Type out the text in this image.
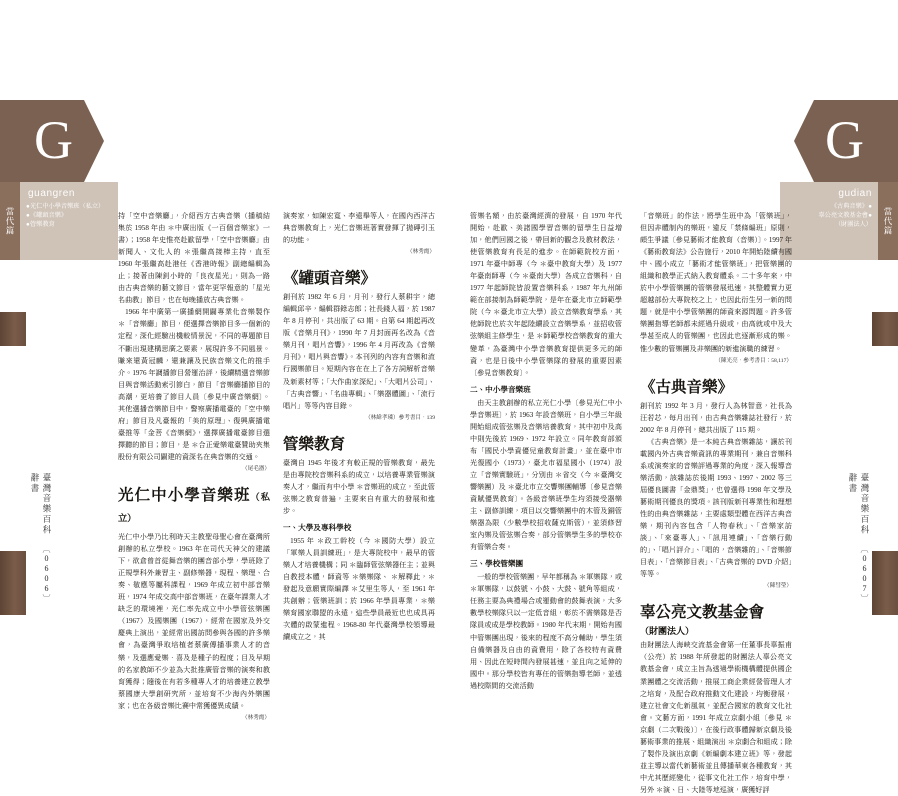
G
當代篇
guangren
●光仁中小學音樂班（私立）
●《罐頭音樂》
●管樂教育
G
當代篇
gudian
《古典音樂》●
辜公亮文教基金會●
（財團法人）

持「空中音樂廳」，介紹西方古典音樂（播稿結集於 1958 年由 ＊中廣出版《一百個音樂家》一書）；1958 年史惟亮赴歐留學，「空中音樂廳」由新聞人、文化人的 ＊張繼高接棒主持，直至 1960 年張繼高赴港任《香港時報》副總編輯為止；接著由陳釗小時的「良夜星光」，則為一路由古典音樂的藝文節目，當年更罕報意的「星光名曲教」節目，也在每晚播放古典音樂。

1966 年中廣第一廣播網開闢專業化音樂製作 ＊「音樂廳」節目，便選擇音樂節目多一個新的定程，深化經驗出機較情景況，不同的專題節目不斷出現建構思廣之要素，展現許多不同風景。賺來還黃冠麟，還兼讓及民族音樂文化的推手介。1976 年調播節目營運治評，後續精選音樂節目與音樂活動索引節白，節目「音樂廳播節目的高潮，更培養了節目人員〔參見中廣音樂網〕。其他選播音樂節目中，警察廣播電臺的「空中樂府」節目及凡臺報的「美的原理」、復興廣播電臺推等「金菩《音樂網》，選擇廣播電臺節目選擇聽的節目；節目，是 ＊合正愛樂電臺贊助夾集股份有限公司闢建的資深名在典音樂的交通。

（尾毛器）
光仁中小學音樂班（私立）

光仁中小學乃比利時天主教聖母聖心會在臺灣所創辦的私立學校。1963 年在司代天神父的建議下，欲倉曾首從舞音樂的團音部小學，學班除了正規學科外兼習主、副修樂器，現程、樂理、合奏、敬應等屬科課程，1969 年成立初中部音樂班，1974 年成交高中部音樂班，在臺年課業人才缺乏的環境裡，光仁率先成立中小學管弦樂團（1967）及國樂團（1967），經常在國家及外交慶典上演出，並經常出國訪問參與各國的許多樂會，為臺灣爭取培植者蔡廣傳播事業人才的音樂，及選應愛樂‧喜及是種子的程度；目及早期的名家教師不少並為大批推廣管音樂的演奏和教育獲得；隨後在有若多種專人才的培養建立教學蔡國康大學創研究所，並培育不少海內外樂團家；也在各級音樂比賽中常獲優異成績。

（林秀霞）

演奏家，如陳宏寬、李遠舉等人，在國內西洋古典音樂教育上，光仁音樂班著實發揮了拋磚引玉的功能。

（林秀霞）
《罐頭音樂》

創刊於 1982 年 6 月，月刊，發行人蔡耕宇，總編輯邱辛，編輯群錄志郎；社長錢人福，於 1987 年 8 月停刊，共出版了 63 期。自第 64 期起再改版《音樂月刊》，1990 年 7 月封面再名改為《音樂月刊，唱片音響》，1996 年 4 月再改為《音樂月刊》，唱片與音響》。本刊列的內容有音樂和流行國樂節目。短期內容在在上了各方詞解析音樂及新素材等；「大作曲家深紀」、「大唱片公司」、「古典音響」、「名曲專輯」、「樂器體圖」、「流行唱片」等等內容目錄。

（林緯孝璘）參考書目‧139
管樂教育

臺灣自 1945 年後才有較正規的管樂教育，最先是由專院校音樂科系的成立，以培養專業管樂演奏人才，繼而有中小學 ＊音樂班的成立，至此管弦樂之教育普遍，主要來自有重大的發展和進步。

一、大學及專科學校

1955 年 ＊政工幹校（今 ＊國防大學）設立「軍樂人員訓練班」，是大專院校中，最早的管樂人才培養機構；同 ＊臨師管弦樂器任主；並與自教授本體，師資等 ＊樂樂隊、 ＊解釋此，＊發起及意願實際編譯 ＊艾里生等人，至 1961 年共創辦；管樂班訓；於 1966 年學員專業，＊樂樂育國家聯盟的永遠，這些學員最近也也成具再次體的啟蒙進程。1968-80 年代臺灣學校領導最續成立之，其

管樂名額，由於臺灣經濟的發展，自 1970 年代開始，赴歐、美諸國學習音樂的留學生日益增加，他們回國之後，帶回新的觀念及教材教法，使管樂教育有長足的進步。在師範院校方面，1971 年臺中師專（今 ＊臺中教育大學）及 1977 年臺南師專（今 ＊臺南大學）各成立音樂科，自 1977 年起師院皆設置音樂科系，1987 年九州師範在部接制為師範學院，是年在臺北市立師範學院（今 ＊臺北市立大學）設立音樂教育學系，其他師院也於次年起陸續設立音樂學系，並招收管弦樂組主修學生，是 ＊師範學校音樂教育的重大變革，為臺灣中小學音樂教育提供更多元的師資，也是日後中小學管樂隊的發展的重要因素〔參見音樂教育〕。

二、中小學音樂班

由天主教創辦的私立光仁小學〔參見光仁中小學音樂班〕，於 1963 年設音樂班，自小學三年級開始組成管弦樂及音樂培養教育，其中初中及高中則先後於 1969、1972 年設立。同年教育部頒布「國民小學資優兒童教育計畫」，並在臺中市光復國小（1973），臺北市福星國小（1974）設立「音樂實驗班」，分別由 ＊省交（今 ＊臺灣交響樂團）及 ＊臺北市立交響樂團輔導〔參見音樂資賦優異教育〕。各級音樂班學生均須接受器樂主、副修訓練，項目以交響樂團中的木管及銅管樂器為限（少數學校招收薩克斯管），並須修習室內樂及管弦樂合奏，部分管樂學生多的學校亦有管樂合奏。

三、學校管樂團

一般的學校管樂團，早年都稱為 ＊軍樂隊，或 ＊軍樂隊，以鼓號、小鼓、大鼓、號角等組成，任務主要為典禮場合或運動會的鼓舞表演，大多數學校樂隊只以一定低音組，彰於不需樂隊是否隊員或成是學校教師。1980 年代末期，開始有國中管樂團出現，後來的程度不高分輔助，學生須自備樂器及自由的資費用，除了各校特有資費用、因此在短時間內發展甚速，並且向之延伸的國中。那分學校皆有專任的管樂指導老師，並透過校際間的交流活動

「音樂班」的作法，將學生班中為「管樂班」，但因非體制內的樂班，違反「禁條編班」原則，頗生爭議〔參見藝術才能教育（音樂）〕。1997 年《藝術教育法》公告施行，2010 年開始陸續有國中、國小成立「藝術才能管樂班」，把管樂團的組織和教學正式納入教育體系。二十多年來，中於中小學管樂團的管樂發展迅速，其整體實力更超越部份大專院校之上，也因此衍生另一新的問題，就是中小學管樂團的師資來源問題。許多管樂團指導老師都未經過升級或，由高就或中及大學甚至成人的管樂團，也因此也逐漸形成的樂。惟少數的管樂團及非樂團的新進演職的練習。

（陳光亮‧參考書目：58,117）
《古典音樂》

創刊於 1992 年 3 月，發行人為林智意，社長為汪若芯，每月出刊，由古典音樂雜誌社發行，於 2002 年 8 月停刊，總共出版了 115 期。

《古典音樂》是一本純古典音樂雜誌，讓於刊載國內外古典音樂資訊的專業期刊，兼自音樂科系或演奏家的音樂評過專業的角度，深入報導音樂活動，該雜誌於後期 1993、1997、2002 等三屆優良圖書「金鼎獎」，也曾選得 1998 年文學及藝術期刊優良的獎項。該刊版新刊專業性和理想性的由典音樂雜誌，主要處類型體在西洋古典音樂，期刊內容包含「人物春秋」、「音樂家訪談」、「來臺專人」、「訊用連續」、「音樂行動的」、「唱片評介」、「唱的，音樂雜的」、「音樂節目表」、「音樂節目表」、「古典音樂的 DVD 介紹」等等。

（陳彗瑩）
辜公亮文教基金會
（財團法人）

由財團法人海峽交流基金會第一任董事長辜振甫（公亮）於 1988 年所發起的財團法人辜公亮文教基金會，成立主旨為透過學術機構體提供國企業團體之交流活動，推展工商企業經營管理人才之培育，及配合政府推動文化建設，均衡發展，建立社會文化新風氣，並配合國家的教育文化社會。文藝方面，1991 年成立京劇小組〔參見 ＊京劇（二次戰後）〕，在後行政事體歸新京劇及後藝術事業的推展、組織演出 ＊京劇合和組成；除了製作及演出京劇《新編劇本建立班》等，發起並主導以當代新藝術並且傳播華東各種教育，其中尤其歷經變化，從事文化社工作，培育中學，另外 ＊演、日、大陸等地巡演，廣獲好評

臺灣音樂百科辭書
〔0606〕
臺灣音樂百科辭書
〔0607〕
